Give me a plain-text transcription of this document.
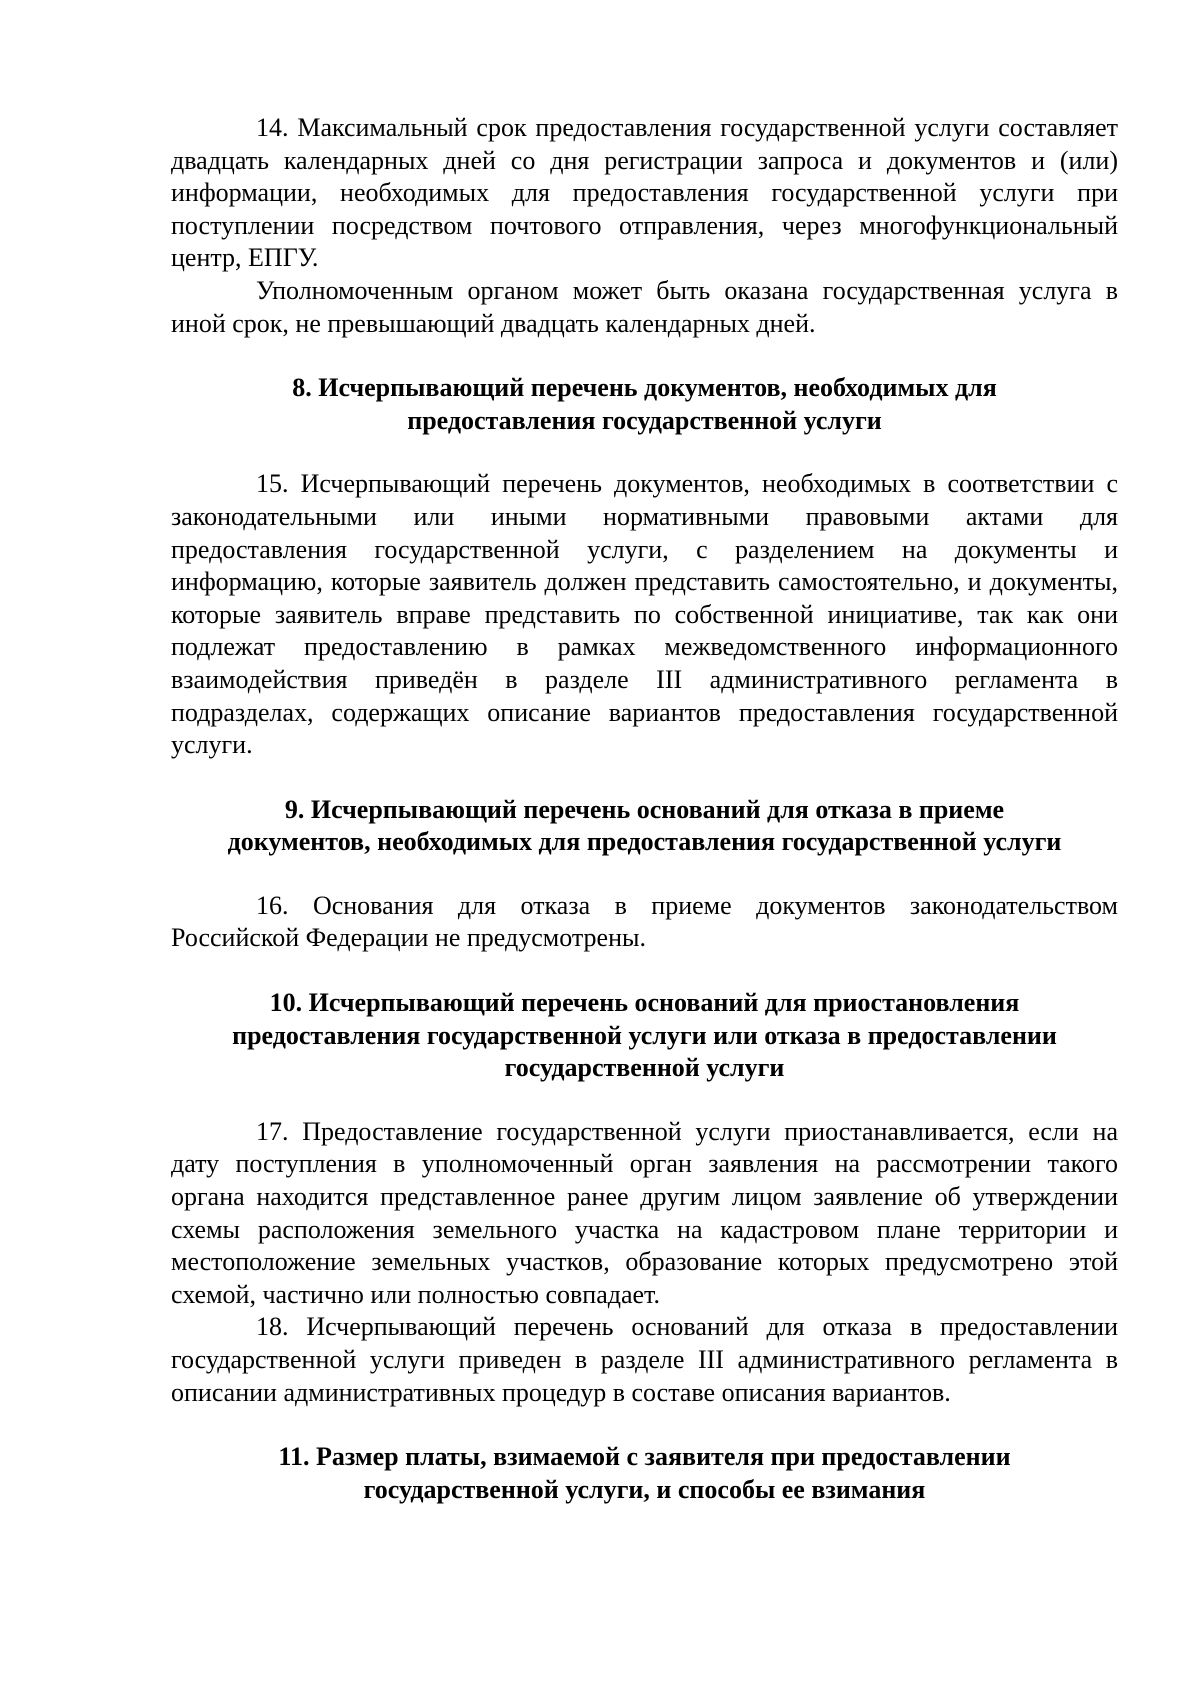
14. Максимальный срок предоставления государственной услуги составляет двадцать календарных дней со дня регистрации запроса и документов и (или) информации, необходимых для предоставления государственной услуги при поступлении посредством почтового отправления, через многофункциональный центр, ЕПГУ.

Уполномоченным органом может быть оказана государственная услуга в иной срок, не превышающий двадцать календарных дней.

8. Исчерпывающий перечень документов, необходимых для
предоставления государственной услуги

15. Исчерпывающий перечень документов, необходимых в соответствии с законодательными или иными нормативными правовыми актами для предоставления государственной услуги, с разделением на документы и информацию, которые заявитель должен представить самостоятельно, и документы, которые заявитель вправе представить по собственной инициативе, так как они подлежат предоставлению в рамках межведомственного информационного взаимодействия приведён в разделе III административного регламента в подразделах, содержащих описание вариантов предоставления государственной услуги.

9. Исчерпывающий перечень оснований для отказа в приеме
документов, необходимых для предоставления государственной услуги

16. Основания для отказа в приеме документов законодательством Российской Федерации не предусмотрены.

10. Исчерпывающий перечень оснований для приостановления
предоставления государственной услуги или отказа в предоставлении
государственной услуги

17. Предоставление государственной услуги приостанавливается, если на дату поступления в уполномоченный орган заявления на рассмотрении такого органа находится представленное ранее другим лицом заявление об утверждении схемы расположения земельного участка на кадастровом плане территории и местоположение земельных участков, образование которых предусмотрено этой схемой, частично или полностью совпадает.

18. Исчерпывающий перечень оснований для отказа в предоставлении государственной услуги приведен в разделе III административного регламента в описании административных процедур в составе описания вариантов.

11. Размер платы, взимаемой с заявителя при предоставлении
государственной услуги, и способы ее взимания
